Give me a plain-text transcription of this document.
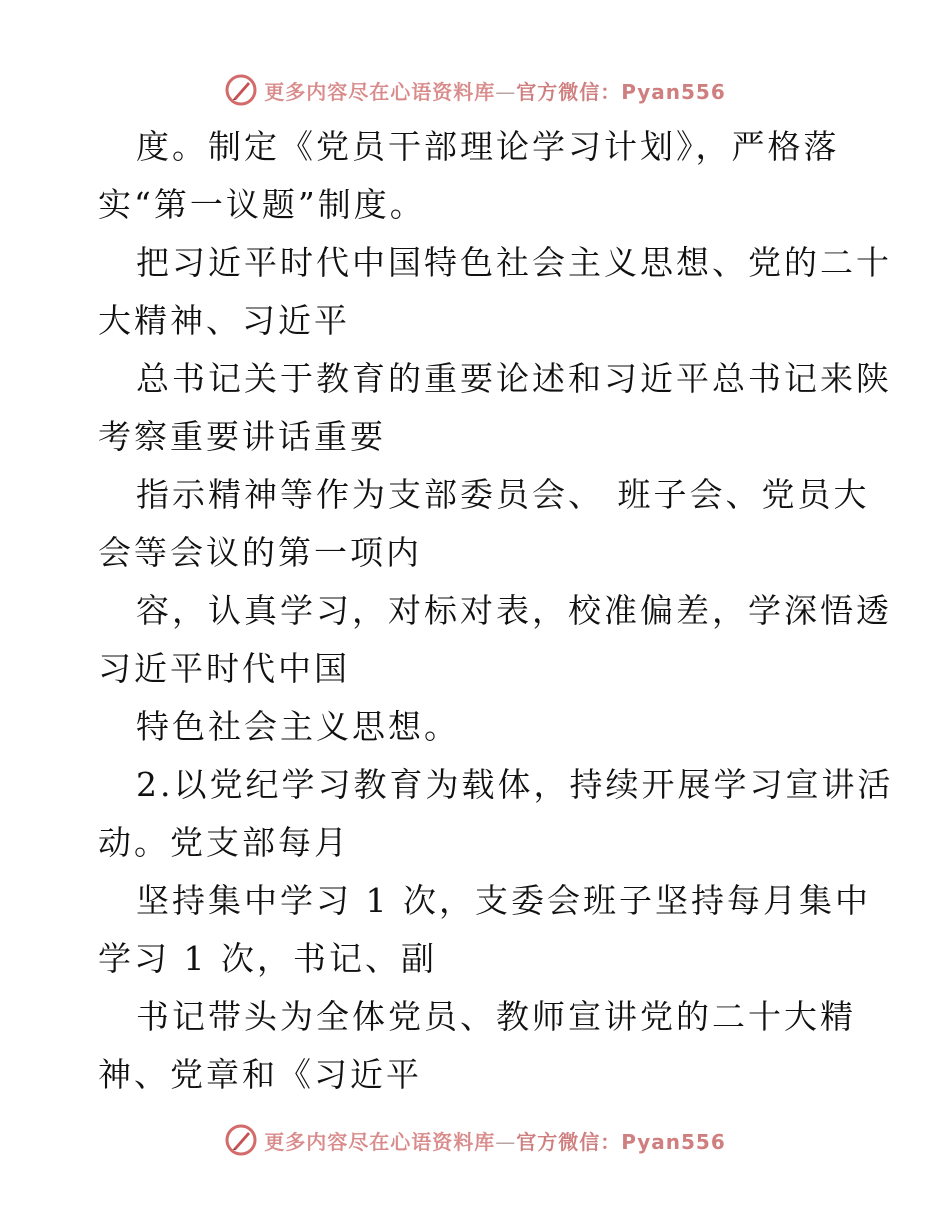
更多内容尽在心语资料库—官方微信：Pyan556
度。制定《党员干部理论学习计划》，严格落
实“第一议题”制度。
把习近平时代中国特色社会主义思想、党的二十
大精神、习近平
总书记关于教育的重要论述和习近平总书记来陕
考察重要讲话重要
指示精神等作为支部委员会、 班子会、党员大
会等会议的第一项内
容，认真学习，对标对表，校准偏差，学深悟透
习近平时代中国
特色社会主义思想。
2.以党纪学习教育为载体，持续开展学习宣讲活
动。党支部每月
坚持集中学习 1 次，支委会班子坚持每月集中
学习 1 次，书记、副
书记带头为全体党员、教师宣讲党的二十大精
神、党章和《习近平
更多内容尽在心语资料库—官方微信：Pyan556
